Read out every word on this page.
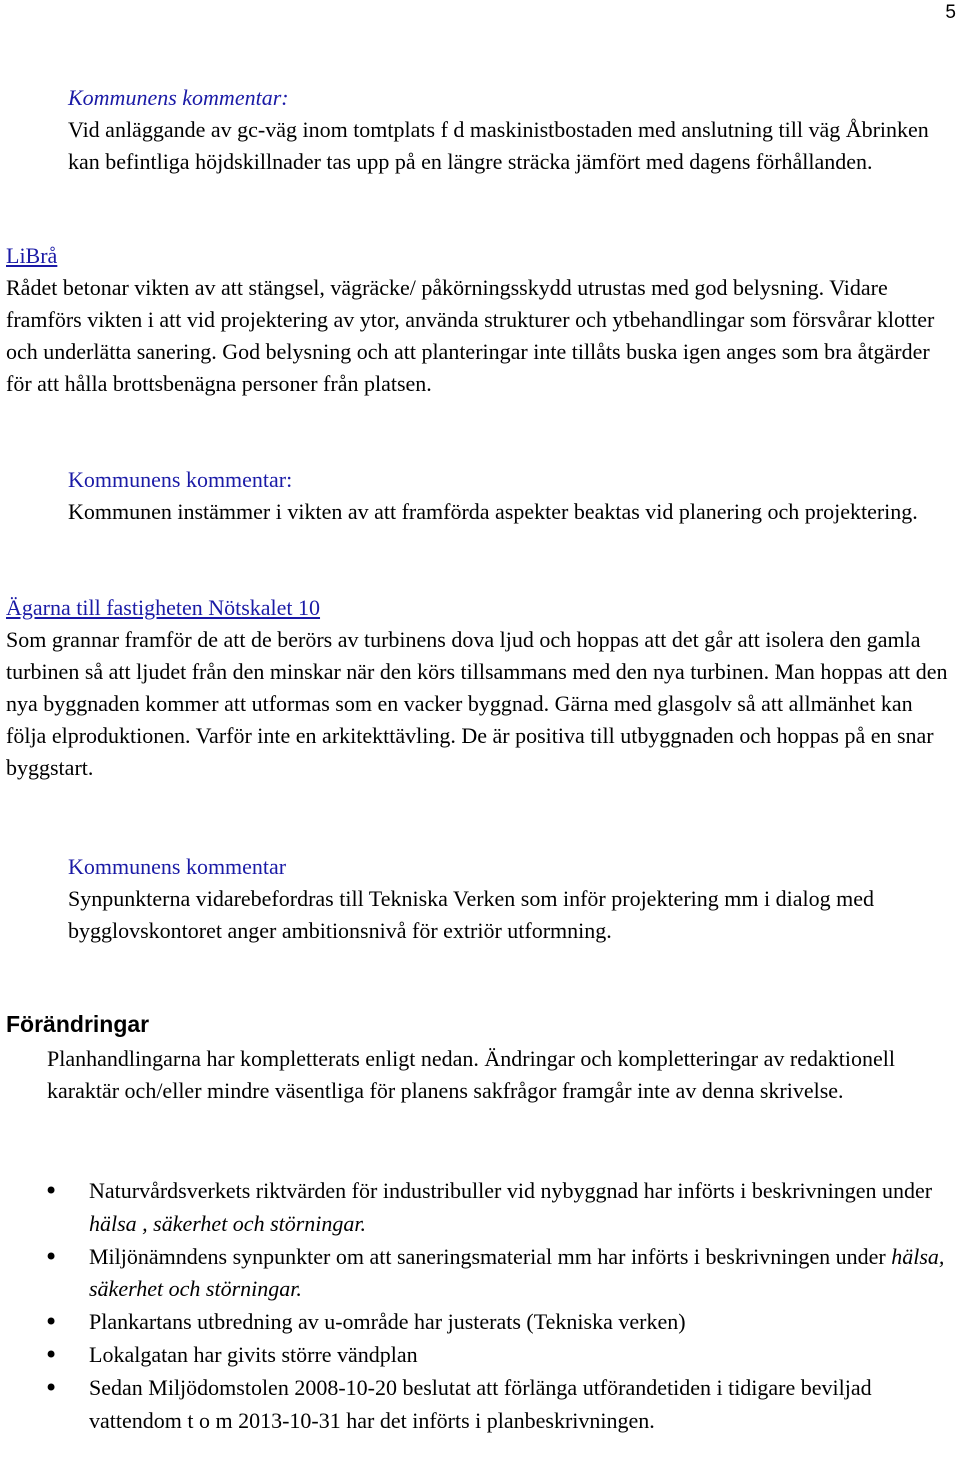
5
Kommunens kommentar:
Vid anläggande av gc-väg inom tomtplats f d maskinistbostaden med anslutning till väg Åbrinken kan befintliga höjdskillnader tas upp på en längre sträcka jämfört med dagens förhållanden.
LiBrå
Rådet betonar vikten av att stängsel, vägräcke/ påkörningsskydd utrustas med god belysning. Vidare framförs vikten i att vid projektering av ytor, använda strukturer och ytbehandlingar som försvårar klotter och underlätta sanering. God belysning och att planteringar inte tillåts buska igen anges som bra åtgärder för att hålla brottsbenägna personer från platsen.
Kommunens kommentar:
Kommunen instämmer i vikten av att framförda aspekter beaktas vid planering och projektering.
Ägarna till fastigheten Nötskalet 10
Som grannar framför de att de berörs av turbinens dova ljud och hoppas att det går att isolera den gamla turbinen så att ljudet från den minskar när den körs tillsammans med den nya turbinen. Man hoppas att den nya byggnaden kommer att utformas som en vacker byggnad. Gärna med glasgolv så att allmänhet kan följa elproduktionen. Varför inte en arkitekttävling. De är positiva till utbyggnaden och hoppas på en snar byggstart.
Kommunens kommentar
Synpunkterna vidarebefordras till Tekniska Verken som inför projektering mm i dialog med bygglovskontoret anger ambitionsnivå för extriör utformning.
Förändringar
Planhandlingarna har kompletterats enligt nedan. Ändringar och kompletteringar av redaktionell karaktär och/eller mindre väsentliga för planens sakfrågor framgår inte av denna skrivelse.
• Naturvårdsverkets riktvärden för industribuller vid nybyggnad har införts i beskrivningen under hälsa , säkerhet och störningar.
• Miljönämndens synpunkter om att saneringsmaterial mm har införts i beskrivningen under hälsa, säkerhet och störningar.
• Plankartans utbredning av u-område har justerats (Tekniska verken)
• Lokalgatan har givits större vändplan
• Sedan Miljödomstolen 2008-10-20 beslutat att förlänga utförandetiden i tidigare beviljad vattendom t o m 2013-10-31 har det införts i planbeskrivningen.
